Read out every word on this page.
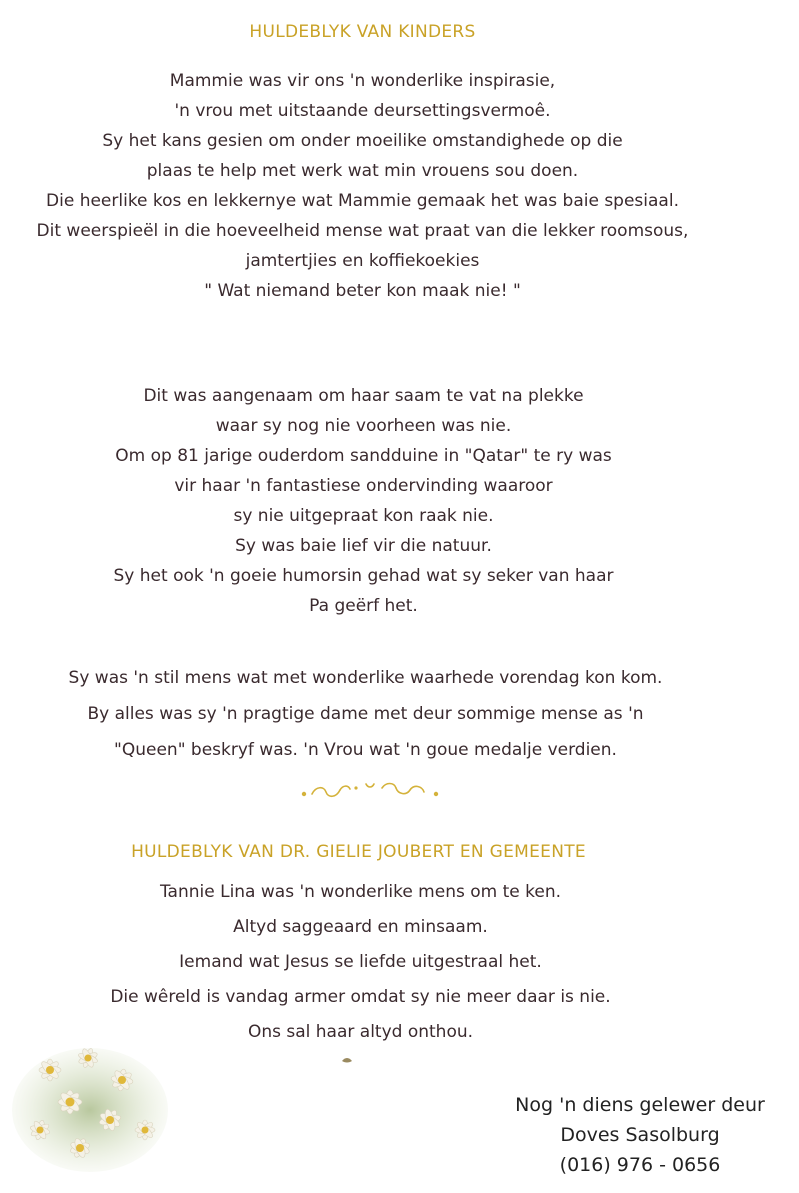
HULDEBLYK VAN KINDERS
Mammie was vir ons 'n wonderlike inspirasie,
'n vrou met uitstaande deursettingsvermoê.
Sy het kans gesien om onder moeilike omstandighede op die
plaas te help met werk wat min vrouens sou doen.
Die heerlike kos en lekkernye wat Mammie gemaak het was baie spesiaal.
Dit weerspieël in die hoeveelheid mense wat praat van die lekker roomsous,
jamtertjies en koffiekoekies
" Wat niemand beter kon maak nie! "
Dit was aangenaam om haar saam te vat na plekke
waar sy nog nie voorheen was nie.
Om op 81 jarige ouderdom sandduine in "Qatar" te ry was
vir haar 'n fantastiese ondervinding waaroor
sy nie uitgepraat kon raak nie.
Sy was baie lief vir die natuur.
Sy het ook 'n goeie humorsin gehad wat sy seker van haar
Pa geërf het.
Sy was 'n stil mens wat met wonderlike waarhede vorendag kon kom.
By alles was sy 'n pragtige dame met deur sommige mense as 'n
"Queen" beskryf was. 'n Vrou wat 'n goue medalje verdien.
HULDEBLYK VAN DR. GIELIE JOUBERT EN GEMEENTE
Tannie Lina was 'n wonderlike mens om te ken.
Altyd saggeaard en minsaam.
Iemand wat Jesus se liefde uitgestraal het.
Die wêreld is vandag armer omdat sy nie meer daar is nie.
Ons sal haar altyd onthou.
Nog 'n diens gelewer deur
Doves Sasolburg
(016) 976 - 0656
